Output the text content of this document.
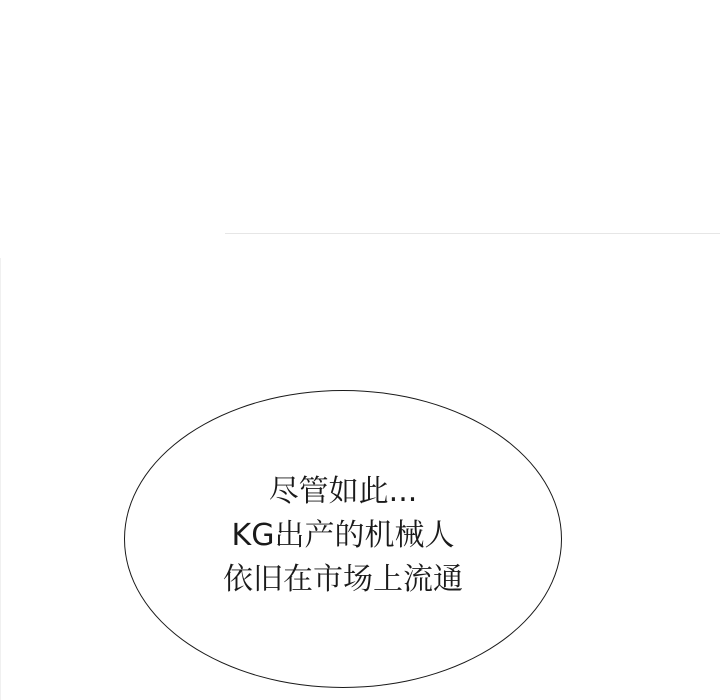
尽管如此...
KG出产的机械人
依旧在市场上流通
